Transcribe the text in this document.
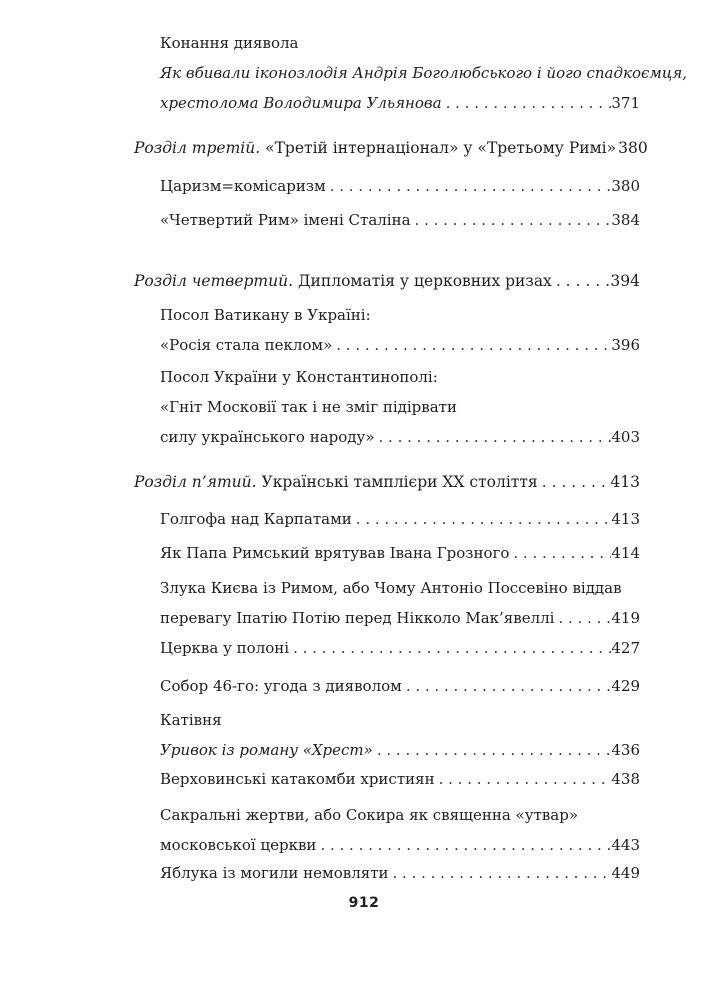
Конання диявола
Як вбивали іконозлодія Андрія Боголюбського і його спадкоємця,
хрестолома Володимира Ульянова . . .	371
Розділ третій. «Третій інтернаціонал» у «Третьому Римі» 380
Царизм=комісаризм . . .	380
«Четвертий Рим» імені Сталіна . . .	384
Розділ четвертий. Дипломатія у церковних ризах . . .	394
Посол Ватикану в Україні:
«Росія стала пеклом» . . .	396
Посол України у Константинополі:
«Гніт Московії так і не зміг підірвати
силу українського народу» . . .	403
Розділ п’ятий. Українські тамплієри ХХ століття . . .	413
Голгофа над Карпатами . . .	413
Як Папа Римський врятував Івана Грозного . . .	414
Злука Києва із Римом, або Чому Антоніо Поссевіно віддав
перевагу Іпатію Потію перед Нікколо Мак’явеллі . . .	419
Церква у полоні . . .	427
Собор 46-го: угода з дияволом . . .	429
Катівня
Уривок із роману «Хрест» . . .	436
Верховинські катакомби християн . . .	438
Сакральні жертви, або Сокира як священна «утвар»
московської церкви . . .	443
Яблука із могили немовляти . . .	449
912
